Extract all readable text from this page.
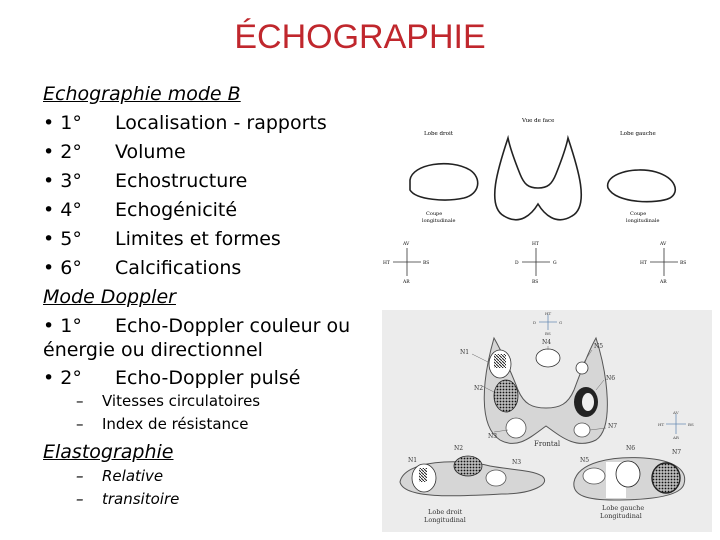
ÉCHOGRAPHIE
Echographie mode B
• 1° Localisation - rapports
• 2° Volume
• 3° Echostructure
• 4° Echogénicité
• 5° Limites et formes
• 6° Calcifications
Mode Doppler
• 1° Echo-Doppler couleur ou
énergie ou directionnel
• 2° Echo-Doppler pulsé
– Vitesses circulatoires
– Index de résistance
Elastographie
– Relative
– transitoire
Lobe droit
Vue de face
Lobe gauche
Coupe
longitudinale
Coupe
longitudinale
AV
AR
HT	BS
HT
BS
D	G
AV
AR
HT	BS
HT
BS
D	G
N1
N2
N3
N4
N5
N6
N7
Frontal
AV
AR
HT	BS
N1
N2
N3
Lobe droit
Longitudinal
N5
N6
N7
Lobe gauche
Longitudinal
